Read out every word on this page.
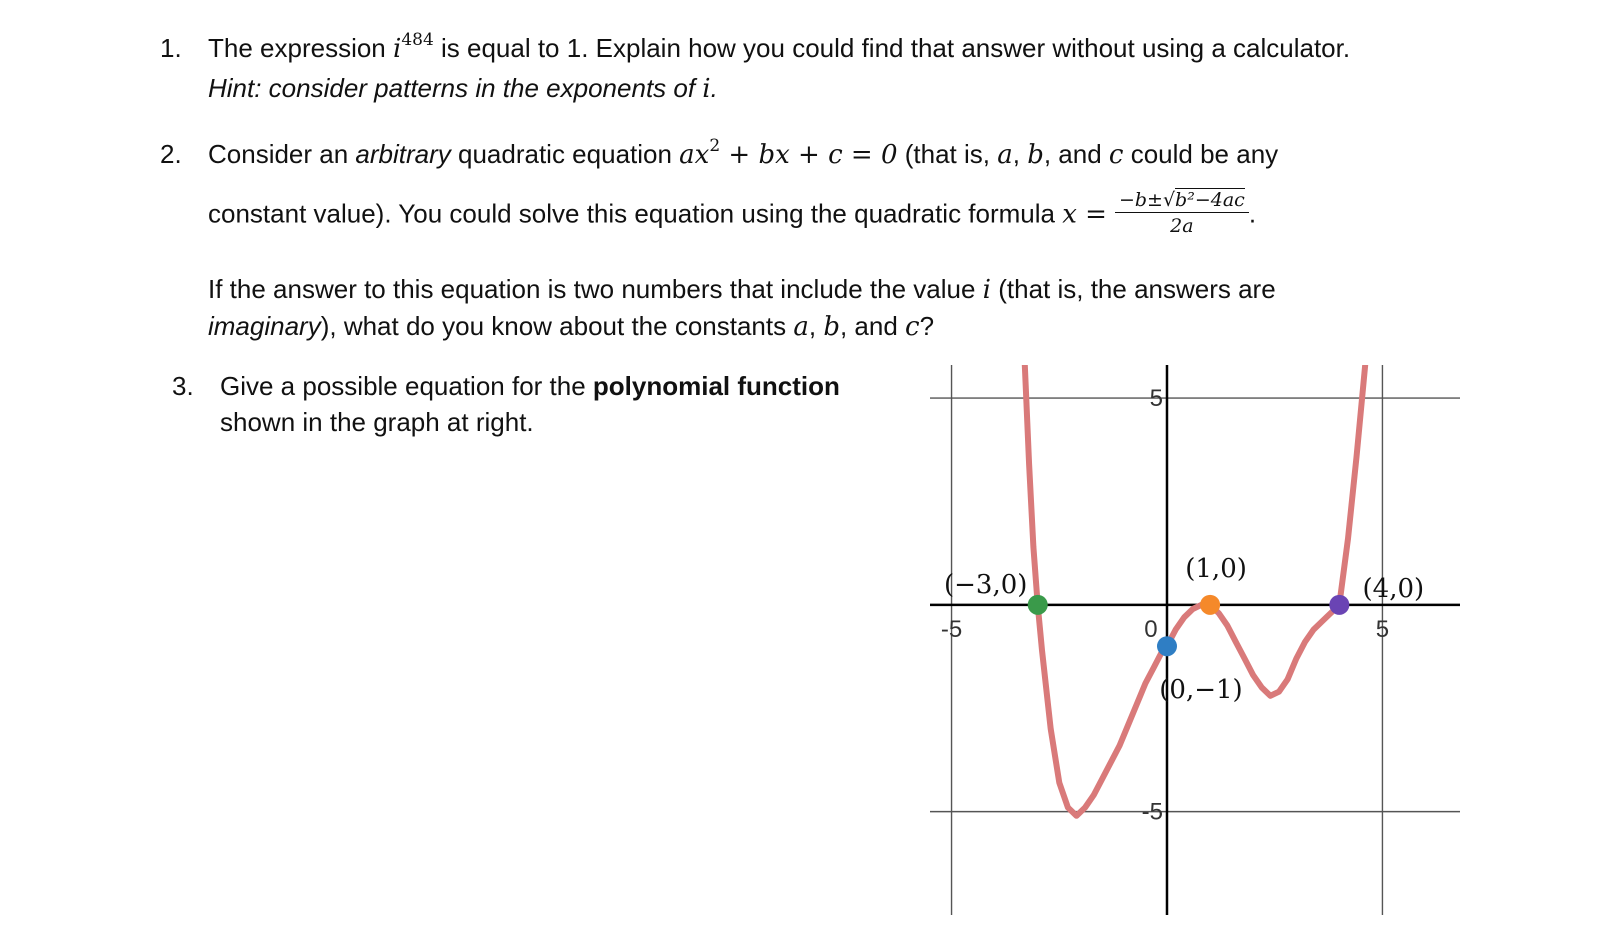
1. The expression $i^{484}$ is equal to 1. Explain how you could find that answer without using a calculator.
Hint: consider patterns in the exponents of i.
2. Consider an arbitrary quadratic equation $ax^2$ + bx + c = 0 (that is, a, b, and c could be any
constant value). You could solve this equation using the quadratic formula $x = \frac{\text{−b±√b²−4ac}}{2a}$ .
If the answer to this equation is two numbers that include the value i (that is, the answers are
imaginary), what do you know about the constants a, b, and c?
3. Give a possible equation for the polynomial function
shown in the graph at right.
-5	0	5
-5
5
(−3,0)
(1,0)
(0,−1)
(4,0)
